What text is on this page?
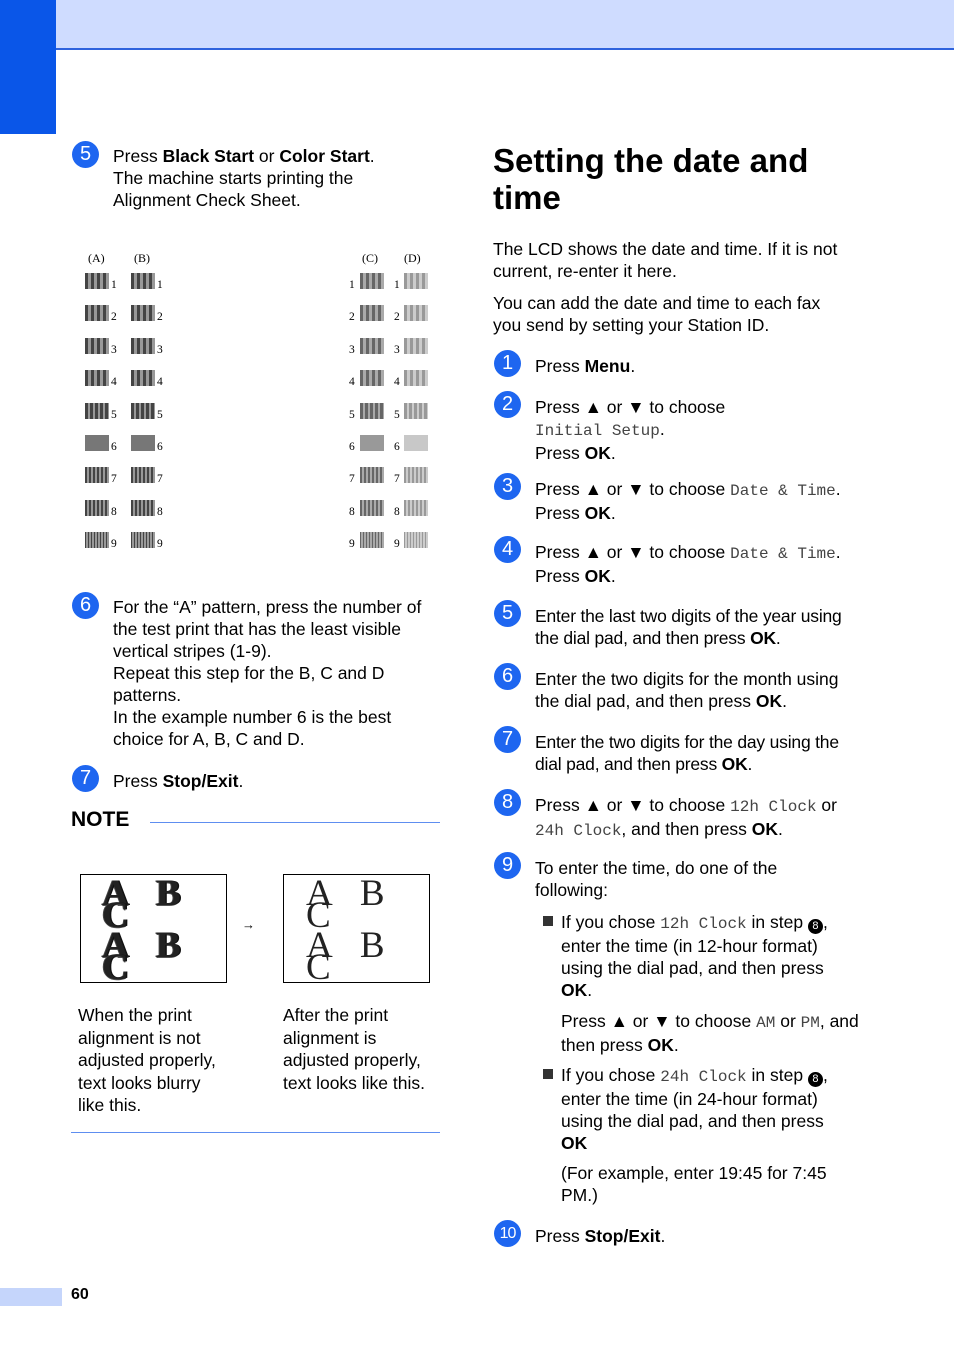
60
5	Press Black Start or Color Start.
The machine starts printing the
Alignment Check Sheet.
(A) (B)	(C) (D)
1	1	1	1
2	2	2	2
3	3	3	3
4	4	4	4
5	5	5	5
6	6	6	6
7	7	7	7
8	8	8	8
9	9	9	9
6	For the “A” pattern, press the number of
the test print that has the least visible
vertical stripes (1-9).
Repeat this step for the B, C and D
patterns.
In the example number 6 is the best
choice for A, B, C and D.
7	Press Stop/Exit.
NOTE
A B C
A B C
→
A B C
A B C
When the print
alignment is not
adjusted properly,
text looks blurry
like this.
After the print
alignment is
adjusted properly,
text looks like this.
Setting the date and
time
The LCD shows the date and time. If it is not
current, re-enter it here.
You can add the date and time to each fax
you send by setting your Station ID.
1	Press Menu.
2	Press ▲ or ▼ to choose
Initial Setup.
Press OK.
3	Press ▲ or ▼ to choose Date & Time.
Press OK.
4	Press ▲ or ▼ to choose Date & Time.
Press OK.
5	Enter the last two digits of the year using
the dial pad, and then press OK.
6	Enter the two digits for the month using
the dial pad, and then press OK.
7	Enter the two digits for the day using the
dial pad, and then press OK.
8	Press ▲ or ▼ to choose 12h Clock or
24h Clock, and then press OK.
9	To enter the time, do one of the
following:
If you chose 12h Clock in step 8 ,
enter the time (in 12-hour format)
using the dial pad, and then press
OK.
Press ▲ or ▼ to choose AM or PM, and
then press OK.
If you chose 24h Clock in step 8 ,
enter the time (in 24-hour format)
using the dial pad, and then press
OK
(For example, enter 19:45 for 7:45
PM.)
10	Press Stop/Exit.
